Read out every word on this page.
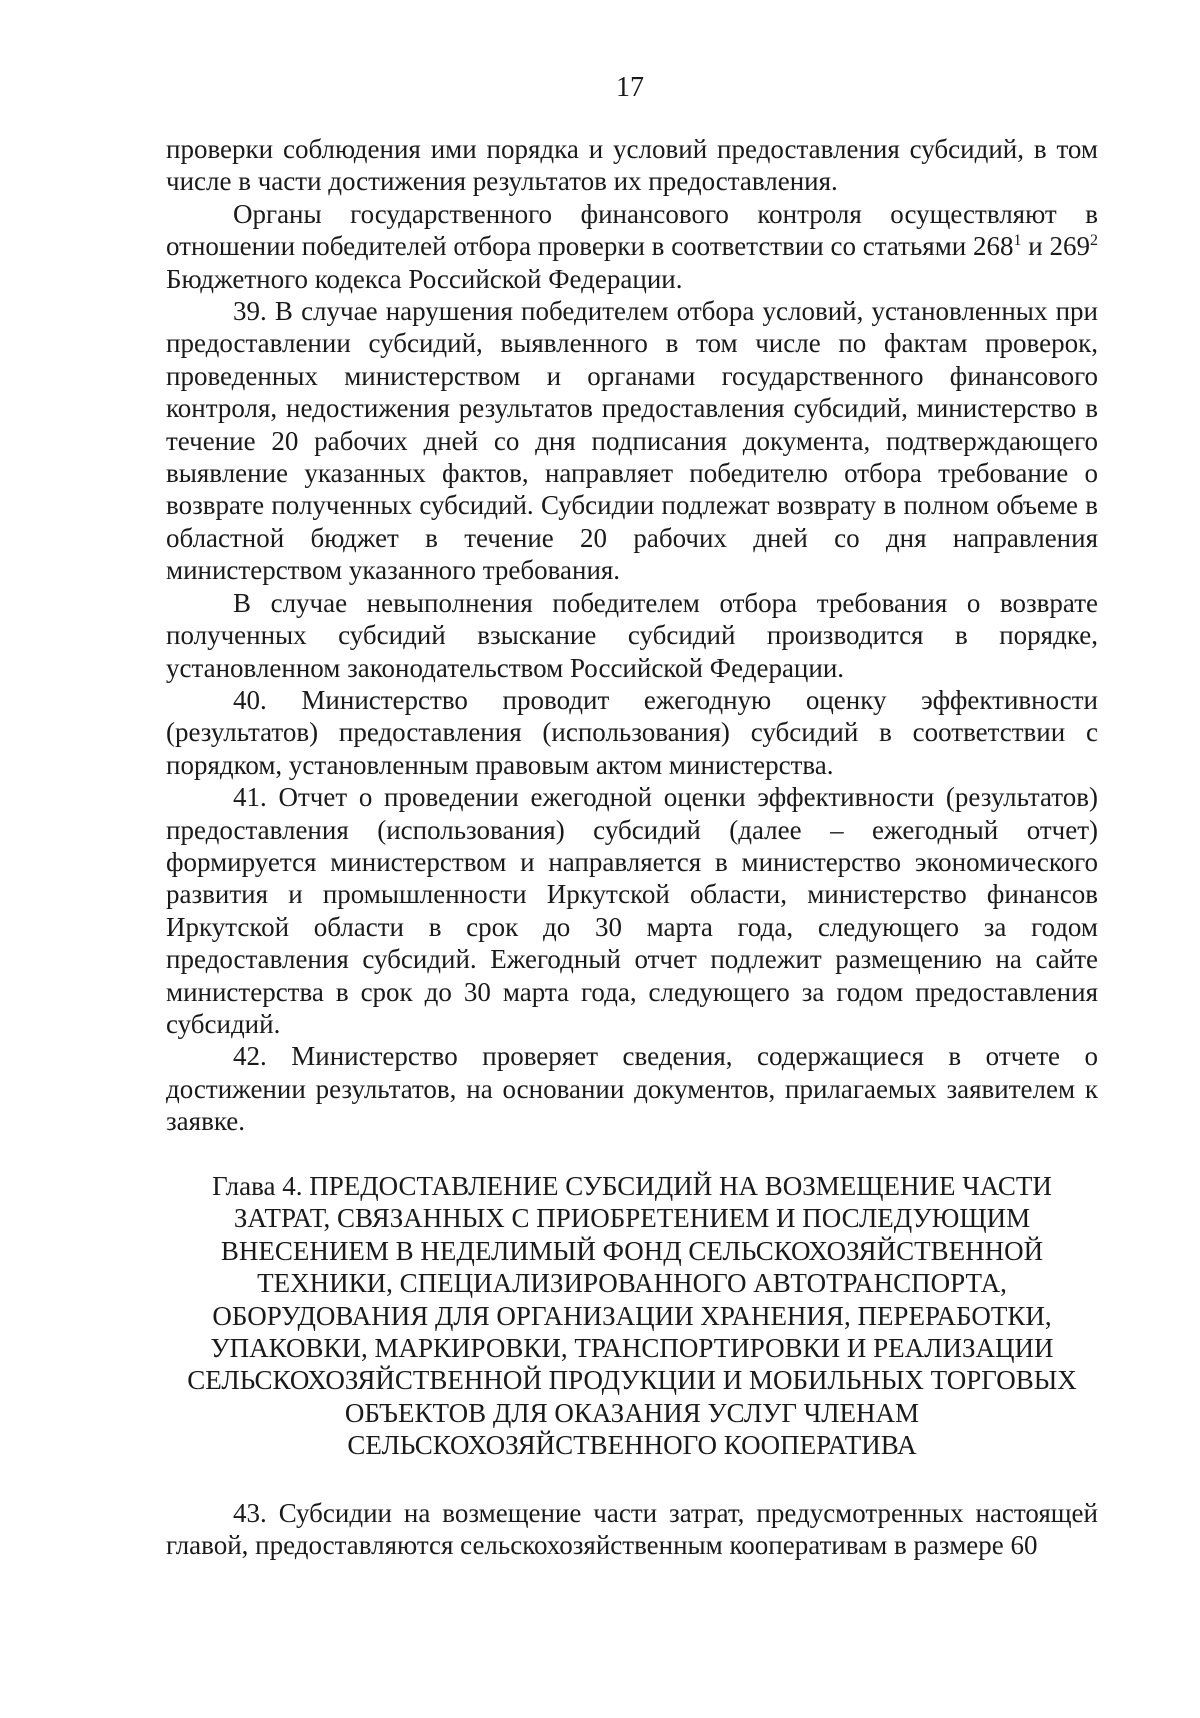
17

проверки соблюдения ими порядка и условий предоставления субсидий, в том числе в части достижения результатов их предоставления.

Органы государственного финансового контроля осуществляют в отношении победителей отбора проверки в соответствии со статьями $268^1$ и $269^2$ Бюджетного кодекса Российской Федерации.

39. В случае нарушения победителем отбора условий, установленных при предоставлении субсидий, выявленного в том числе по фактам проверок, проведенных министерством и органами государственного финансового контроля, недостижения результатов предоставления субсидий, министерство в течение 20 рабочих дней со дня подписания документа, подтверждающего выявление указанных фактов, направляет победителю отбора требование о возврате полученных субсидий. Субсидии подлежат возврату в полном объеме в областной бюджет в течение 20 рабочих дней со дня направления министерством указанного требования.

В случае невыполнения победителем отбора требования о возврате полученных субсидий взыскание субсидий производится в порядке, установленном законодательством Российской Федерации.

40. Министерство проводит ежегодную оценку эффективности (результатов) предоставления (использования) субсидий в соответствии с порядком, установленным правовым актом министерства.

41. Отчет о проведении ежегодной оценки эффективности (результатов) предоставления (использования) субсидий (далее – ежегодный отчет) формируется министерством и направляется в министерство экономического развития и промышленности Иркутской области, министерство финансов Иркутской области в срок до 30 марта года, следующего за годом предоставления субсидий. Ежегодный отчет подлежит размещению на сайте министерства в срок до 30 марта года, следующего за годом предоставления субсидий.

42. Министерство проверяет сведения, содержащиеся в отчете о достижении результатов, на основании документов, прилагаемых заявителем к заявке.

Глава 4. ПРЕДОСТАВЛЕНИЕ СУБСИДИЙ НА ВОЗМЕЩЕНИЕ ЧАСТИ ЗАТРАТ, СВЯЗАННЫХ С ПРИОБРЕТЕНИЕМ И ПОСЛЕДУЮЩИМ ВНЕСЕНИЕМ В НЕДЕЛИМЫЙ ФОНД СЕЛЬСКОХОЗЯЙСТВЕННОЙ ТЕХНИКИ, СПЕЦИАЛИЗИРОВАННОГО АВТОТРАНСПОРТА, ОБОРУДОВАНИЯ ДЛЯ ОРГАНИЗАЦИИ ХРАНЕНИЯ, ПЕРЕРАБОТКИ, УПАКОВКИ, МАРКИРОВКИ, ТРАНСПОРТИРОВКИ И РЕАЛИЗАЦИИ СЕЛЬСКОХОЗЯЙСТВЕННОЙ ПРОДУКЦИИ И МОБИЛЬНЫХ ТОРГОВЫХ ОБЪЕКТОВ ДЛЯ ОКАЗАНИЯ УСЛУГ ЧЛЕНАМ СЕЛЬСКОХОЗЯЙСТВЕННОГО КООПЕРАТИВА

43. Субсидии на возмещение части затрат, предусмотренных настоящей главой, предоставляются сельскохозяйственным кооперативам в размере 60
